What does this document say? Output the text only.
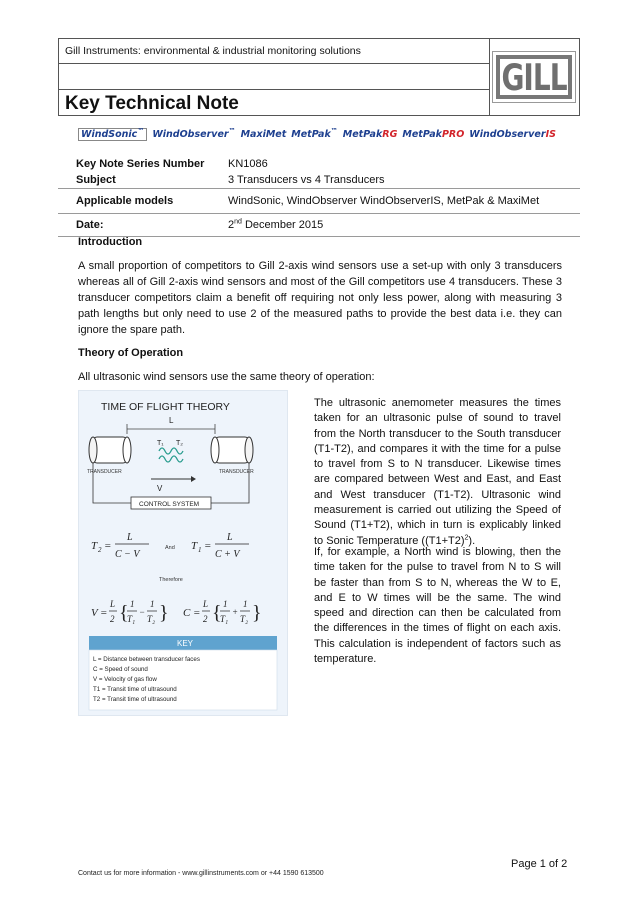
Gill Instruments: environmental & industrial monitoring solutions
Key Technical Note
GILL
WindSonic™ WindObserver™ MaxiMet MetPak™ MetPakRG MetPakPRO WindObserverIS
Key Note Series Number	KN1086
Subject	3 Transducers vs 4 Transducers
Applicable models	WindSonic, WindObserver WindObserverIS, MetPak & MaxiMet
Date:	2nd December 2015
Introduction
A small proportion of competitors to Gill 2-axis wind sensors use a set-up with only 3 transducers whereas all of Gill 2-axis wind sensors and most of the Gill competitors use 4 transducers. These 3 transducer competitors claim a benefit off requiring not only less power, along with measuring 3 path lengths but only need to use 2 of the measured paths to provide the best data i.e. they can ignore the spare path.
Theory of Operation
All ultrasonic wind sensors use the same theory of operation:
The ultrasonic anemometer measures the times taken for an ultrasonic pulse of sound to travel from the North transducer to the South transducer (T1-T2), and compares it with the time for a pulse to travel from S to N transducer. Likewise times are compared between West and East, and East and West transducer (T1-T2). Ultrasonic wind measurement is carried out utilizing the Speed of Sound (T1+T2), which in turn is explicably linked to Sonic Temperature $((T1+T2)^2)$.
If, for example, a North wind is blowing, then the time taken for the pulse to travel from N to S will be faster than from S to N, whereas the W to E, and E to W times will be the same. The wind speed and direction can then be calculated from the differences in the times of flight on each axis. This calculation is independent of factors such as temperature.
TIME OF FLIGHT THEORY
L
T₁ T₂
TRANSDUCER	TRANSDUCER
V
CONTROL SYSTEM
T 2 =
L
C − V
T 1 =
L
C + V
V =
L
2 { 1
T₁
−
1
T₂ } C =
L
2 { 1
T₁
+
1
T₂ }
And
Therefore
KEY
L = Distance between transducer faces
C = Speed of sound
V = Velocity of gas flow
T1 = Transit time of ultrasound
T2 = Transit time of ultrasound
Page 1 of 2
Contact us for more information - www.gillinstruments.com or +44 1590 613500
